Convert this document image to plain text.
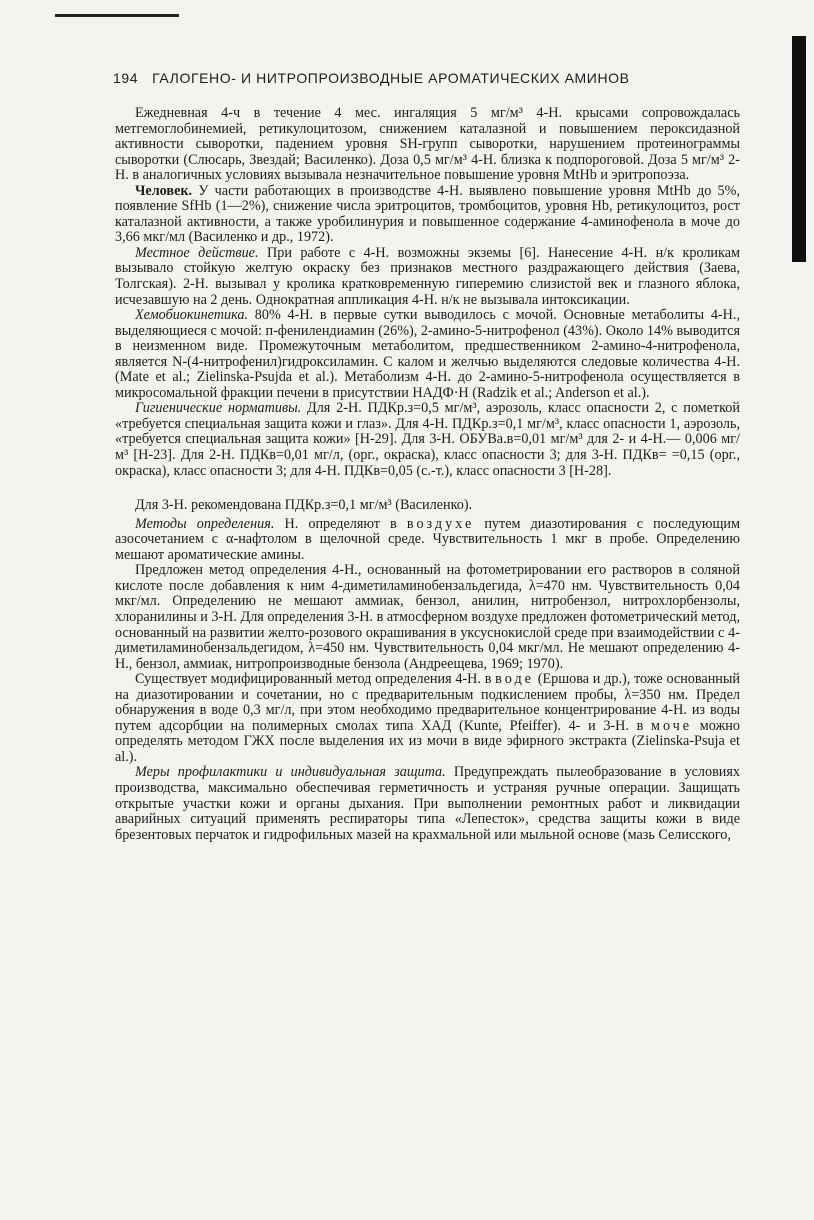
194 ГАЛОГЕНО- И НИТРОПРОИЗВОДНЫЕ АРОМАТИЧЕСКИХ АМИНОВ

Ежедневная 4-ч в течение 4 мес. ингаляция 5 мг/м³ 4-Н. крысами сопровождалась метгемоглобинемией, ретикулоцитозом, снижением каталазной и повышением пероксидазной активности сыворотки, падением уровня SH-групп сыворотки, нарушением протеинограммы сыворотки (Слюсарь, Звездай; Василенко). Доза 0,5 мг/м³ 4-Н. близка к подпороговой. Доза 5 мг/м³ 2-Н. в аналогичных условиях вызывала незначительное повышение уровня MtHb и эритропоэза.

Человек. У части работающих в производстве 4-Н. выявлено повышение уровня MtHb до 5%, появление SfHb (1—2%), снижение числа эритроцитов, тромбоцитов, уровня Hb, ретикулоцитоз, рост каталазной активности, а также уробилинурия и повышенное содержание 4-аминофенола в моче до 3,66 мкг/мл (Василенко и др., 1972).

Местное действие. При работе с 4-Н. возможны экземы [6]. Нанесение 4-Н. н/к кроликам вызывало стойкую желтую окраску без признаков местного раздражающего действия (Заева, Толгская). 2-Н. вызывал у кролика кратковременную гиперемию слизистой век и глазного яблока, исчезавшую на 2 день. Однократная аппликация 4-Н. н/к не вызывала интоксикации.

Хемобиокинетика. 80% 4-Н. в первые сутки выводилось с мочой. Основные метаболиты 4-Н., выделяющиеся с мочой: п-фенилендиамин (26%), 2-амино-5-нитрофенол (43%). Около 14% выводится в неизменном виде. Промежуточным метаболитом, предшественником 2-амино-4-нитрофенола, является N-(4-нитрофенил)гидроксиламин. С калом и желчью выделяются следовые количества 4-Н. (Mate et al.; Zielinska-Psujda et al.). Метаболизм 4-Н. до 2-амино-5-нитрофенола осуществляется в микросомальной фракции печени в присутствии НАДФ·Н (Radzik et al.; Anderson et al.).

Гигиенические нормативы. Для 2-Н. ПДКр.з=0,5 мг/м³, аэрозоль, класс опасности 2, с пометкой «требуется специальная защита кожи и глаз». Для 4-Н. ПДКр.з=0,1 мг/м³, класс опасности 1, аэрозоль, «требуется специальная защита кожи» [Н-29]. Для 3-Н. ОБУВа.в=0,01 мг/м³ для 2- и 4-Н.— 0,006 мг/м³ [Н-23]. Для 2-Н. ПДКв=0,01 мг/л, (орг., окраска), класс опасности 3; для 3-Н. ПДКв= =0,15 (орг., окраска), класс опасности 3; для 4-Н. ПДКв=0,05 (с.-т.), класс опасности 3 [Н-28].

Для 3-Н. рекомендована ПДКр.з=0,1 мг/м³ (Василенко).

Методы определения. Н. определяют в воздухе путем диазотирования с последующим азосочетанием с α-нафтолом в щелочной среде. Чувствительность 1 мкг в пробе. Определению мешают ароматические амины.

Предложен метод определения 4-Н., основанный на фотометрировании его растворов в соляной кислоте после добавления к ним 4-диметиламинобензальдегида, λ=470 нм. Чувствительность 0,04 мкг/мл. Определению не мешают аммиак, бензол, анилин, нитробензол, нитрохлорбензолы, хлоранилины и 3-Н. Для определения 3-Н. в атмосферном воздухе предложен фотометрический метод, основанный на развитии желто-розового окрашивания в уксуснокислой среде при взаимодействии с 4-диметиламинобензальдегидом, λ=450 нм. Чувствительность 0,04 мкг/мл. Не мешают определению 4-Н., бензол, аммиак, нитропроизводные бензола (Андреещева, 1969; 1970).

Существует модифицированный метод определения 4-Н. в воде (Ершова и др.), тоже основанный на диазотировании и сочетании, но с предварительным подкислением пробы, λ=350 нм. Предел обнаружения в воде 0,3 мг/л, при этом необходимо предварительное концентрирование 4-Н. из воды путем адсорбции на полимерных смолах типа ХАД (Kunte, Pfeiffer). 4- и 3-Н. в моче можно определять методом ГЖХ после выделения их из мочи в виде эфирного экстракта (Zielinska-Psuja et al.).

Меры профилактики и индивидуальная защита. Предупреждать пылеобразование в условиях производства, максимально обеспечивая герметичность и устраняя ручные операции. Защищать открытые участки кожи и органы дыхания. При выполнении ремонтных работ и ликвидации аварийных ситуаций применять респираторы типа «Лепесток», средства защиты кожи в виде брезентовых перчаток и гидрофильных мазей на крахмальной или мыльной основе (мазь Селисского,
